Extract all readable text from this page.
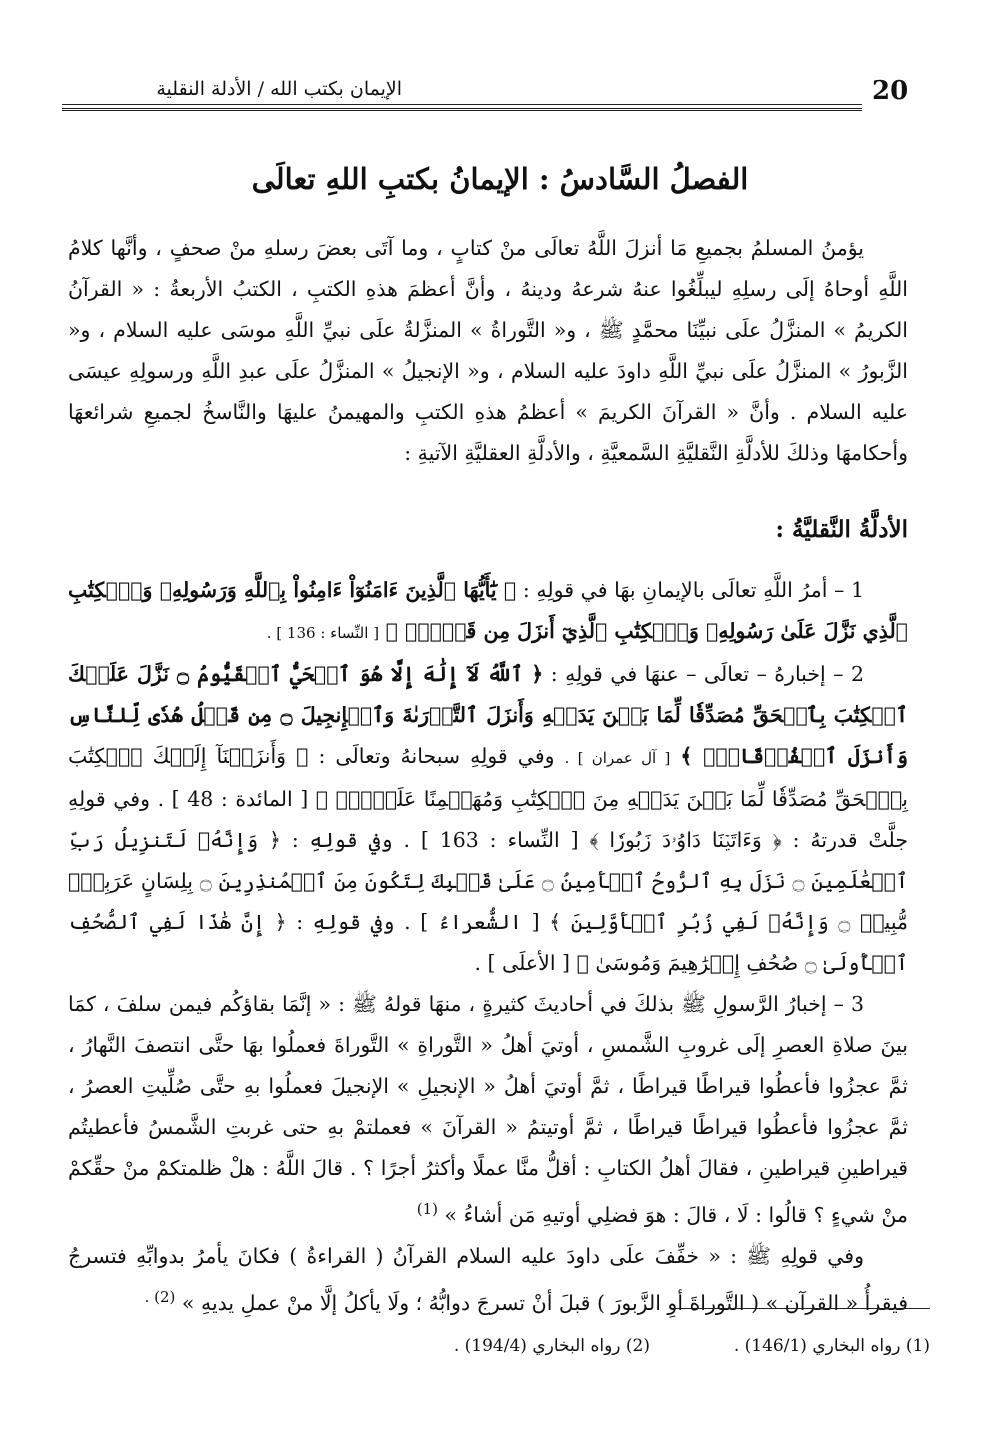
الإيمان بكتب الله / الأدلة النقلية	20
الفصلُ السَّادسُ : الإيمانُ بكتبِ اللهِ تعالَى

يؤمنُ المسلمُ بجميعِ مَا أنزلَ اللَّهُ تعالَى منْ كتابٍ ، وما آتَى بعضَ رسلهِ منْ صحفٍ ، وأنَّها كلامُ اللَّهِ أوحاهُ إلَى رسلِهِ ليبلِّغُوا عنهُ شرعهُ ودينهُ ، وأنَّ أعظمَ هذهِ الكتبِ ، الكتبُ الأربعةُ : « القرآنُ الكريمُ » المنزَّلُ علَى نبيِّنَا محمَّدٍ ﷺ ، و« التَّوراةُ » المنزَّلةُ علَى نبيِّ اللَّهِ موسَى عليه السلام ، و« الزَّبورُ » المنزَّلُ علَى نبيِّ اللَّهِ داودَ عليه السلام ، و« الإنجيلُ » المنزَّلُ علَى عبدِ اللَّهِ ورسولِهِ عيسَى عليه السلام . وأنَّ « القرآنَ الكريمَ » أعظمُ هذهِ الكتبِ والمهيمنُ عليهَا والنَّاسخُ لجميعِ شرائعهَا وأحكامهَا وذلكَ للأدلَّةِ النَّقليَّةِ السَّمعيَّةِ ، والأدلَّةِ العقليَّةِ الآتيةِ :

الأدلَّةُ النَّقليَّةُ :

1 – أمرُ اللَّهِ تعالَى بالإيمانِ بهَا في قولِهِ : ﴿ يَٰٓأَيُّهَا ٱلَّذِينَ ءَامَنُوٓاْ ءَامِنُواْ بِٱللَّهِ وَرَسُولِهِۦ وَٱلۡكِتَٰبِ ٱلَّذِي نَزَّلَ عَلَىٰ رَسُولِهِۦ وَٱلۡكِتَٰبِ ٱلَّذِيٓ أَنزَلَ مِن قَبۡلُۚ ﴾ [ النِّساء : 136 ] .

2 – إخبارهُ – تعالَى – عنهَا في قولِهِ : ﴿ ٱللَّهُ لَآ إِلَٰهَ إِلَّا هُوَ ٱلۡحَيُّ ٱلۡقَيُّومُ ۝ نَزَّلَ عَلَيۡكَ ٱلۡكِتَٰبَ بِٱلۡحَقِّ مُصَدِّقٗا لِّمَا بَيۡنَ يَدَيۡهِ وَأَنزَلَ ٱلتَّوۡرَىٰةَ وَٱلۡإِنجِيلَ ۝ مِن قَبۡلُ هُدٗى لِّلنَّاسِ وَأَنزَلَ ٱلۡفُرۡقَانَۗ ﴾ [ آل عمران ] . وفي قولِهِ سبحانهُ وتعالَى : ﴿ وَأَنزَلۡنَآ إِلَيۡكَ ٱلۡكِتَٰبَ بِٱلۡحَقِّ مُصَدِّقٗا لِّمَا بَيۡنَ يَدَيۡهِ مِنَ ٱلۡكِتَٰبِ وَمُهَيۡمِنًا عَلَيۡهِۖ ﴾ [ المائدة : 48 ] . وفي قولِهِ جلَّتْ قدرتهُ : ﴿ وَءَاتَيۡنَا دَاوُۥدَ زَبُورٗا ﴾ [ النِّساء : 163 ] . وفي قولِهِ : ﴿ وَإِنَّهُۥ لَتَنزِيلُ رَبِّ ٱلۡعَٰلَمِينَ ۝ نَزَلَ بِهِ ٱلرُّوحُ ٱلۡأَمِينُ ۝ عَلَىٰ قَلۡبِكَ لِتَكُونَ مِنَ ٱلۡمُنذِرِينَ ۝ بِلِسَانٍ عَرَبِيّٖ مُّبِينٖ ۝ وَإِنَّهُۥ لَفِي زُبُرِ ٱلۡأَوَّلِينَ ﴾ [ الشُّعراءُ ] . وفي قولِهِ : ﴿ إِنَّ هَٰذَا لَفِي ٱلصُّحُفِ ٱلۡأُولَىٰ ۝ صُحُفِ إِبۡرَٰهِيمَ وَمُوسَىٰ ﴾ [ الأعلَى ] .

3 – إخبارُ الرَّسولِ ﷺ بذلكَ في أحاديثَ كثيرةٍ ، منهَا قولهُ ﷺ : « إنَّمَا بقاؤكُم فيمن سلفَ ، كمَا بينَ صلاةِ العصرِ إلَى غروبِ الشَّمسِ ، أوتيَ أهلُ « التَّوراةِ » التَّوراةَ فعملُوا بهَا حتَّى انتصفَ النَّهارُ ، ثمَّ عجزُوا فأعطُوا قيراطًا قيراطًا ، ثمَّ أوتيَ أهلُ « الإنجيلِ » الإنجيلَ فعملُوا بهِ حتَّى صُلِّيتِ العصرُ ، ثمَّ عجزُوا فأعطُوا قيراطًا قيراطًا ، ثمَّ أوتيتمُ « القرآنَ » فعملتمْ بهِ حتى غربتِ الشَّمسُ فأعطيتُم قيراطينِ قيراطينِ ، فقالَ أهلُ الكتابِ : أقلُّ منَّا عملًا وأكثرُ أجرًا ؟ . قالَ اللَّهُ : هلْ ظلمتكمْ منْ حقِّكمْ منْ شيءٍ ؟ قالُوا : لَا ، قالَ : هوَ فضلِي أوتيهِ مَن أشاءُ » $^{(1)}$

وفي قولِهِ ﷺ : « خفِّفَ علَى داودَ عليه السلام القرآنُ ( القراءةُ ) فكانَ يأمرُ بدوابِّهِ فتسرجُ فيقرأُ « القرآن » ( التَّوراةَ أوِ الزَّبورَ ) قبلَ أنْ تسرجَ دوابُّهُ ؛ ولَا يأكلُ إلَّا منْ عملِ يديهِ » $^{(2) .}$

(1) رواه البخاري (146/1) .
(2) رواه البخاري (194/4) .
